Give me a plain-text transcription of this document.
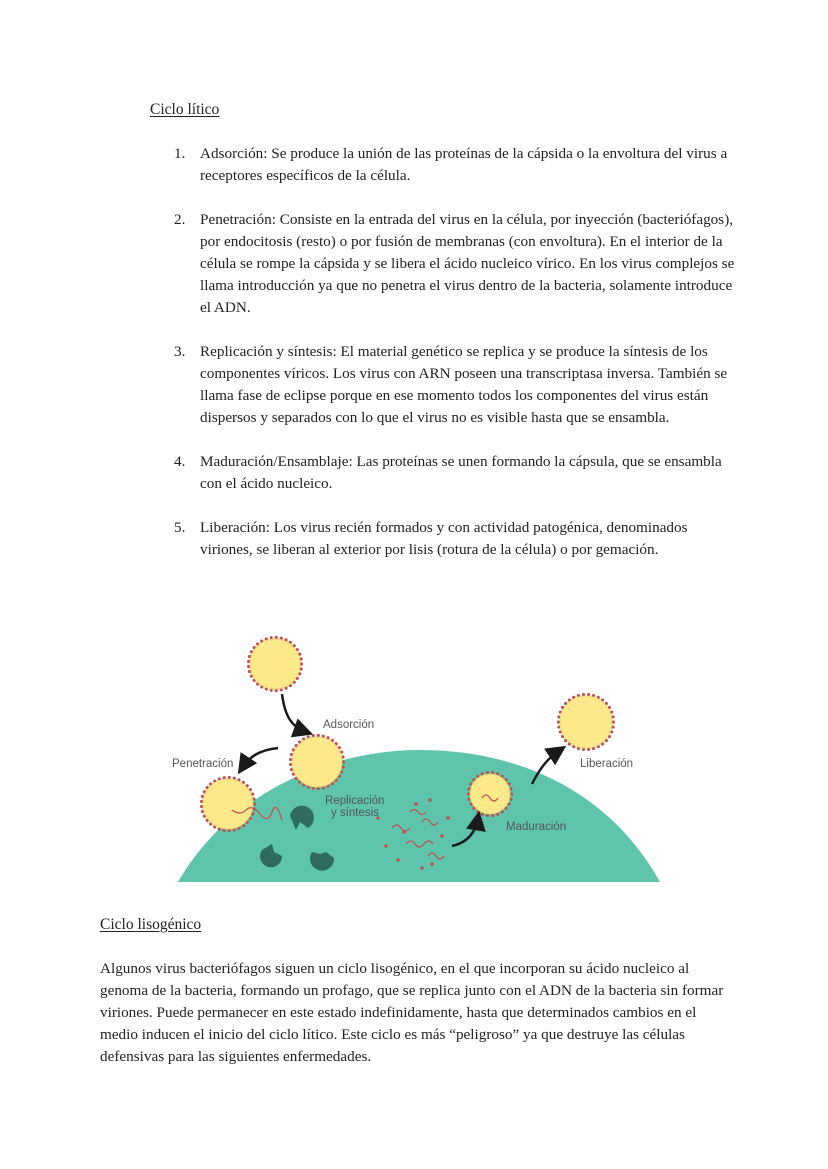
Ciclo lítico
1. Adsorción: Se produce la unión de las proteínas de la cápsida o la envoltura del virus a receptores específicos de la célula.
2. Penetración: Consiste en la entrada del virus en la célula, por inyección (bacteriófagos), por endocitosis (resto) o por fusión de membranas (con envoltura). En el interior de la célula se rompe la cápsida y se libera el ácido nucleico vírico. En los virus complejos se llama introducción ya que no penetra el virus dentro de la bacteria, solamente introduce el ADN.
3. Replicación y síntesis: El material genético se replica y se produce la síntesis de los componentes víricos. Los virus con ARN poseen una transcriptasa inversa. También se llama fase de eclipse porque en ese momento todos los componentes del virus están dispersos y separados con lo que el virus no es visible hasta que se ensambla.
4. Maduración/Ensamblaje: Las proteínas se unen formando la cápsula, que se ensambla con el ácido nucleico.
5. Liberación: Los virus recién formados y con actividad patogénica, denominados viriones, se liberan al exterior por lisis (rotura de la célula) o por gemación.
Adsorción
Penetración
Replicación
y síntesis
Maduración
Liberación
Ciclo lisogénico

Algunos virus bacteriófagos siguen un ciclo lisogénico, en el que incorporan su ácido nucleico al genoma de la bacteria, formando un profago, que se replica junto con el ADN de la bacteria sin formar viriones. Puede permanecer en este estado indefinidamente, hasta que determinados cambios en el medio inducen el inicio del ciclo lítico. Este ciclo es más “peligroso” ya que destruye las células defensivas para las siguientes enfermedades.
